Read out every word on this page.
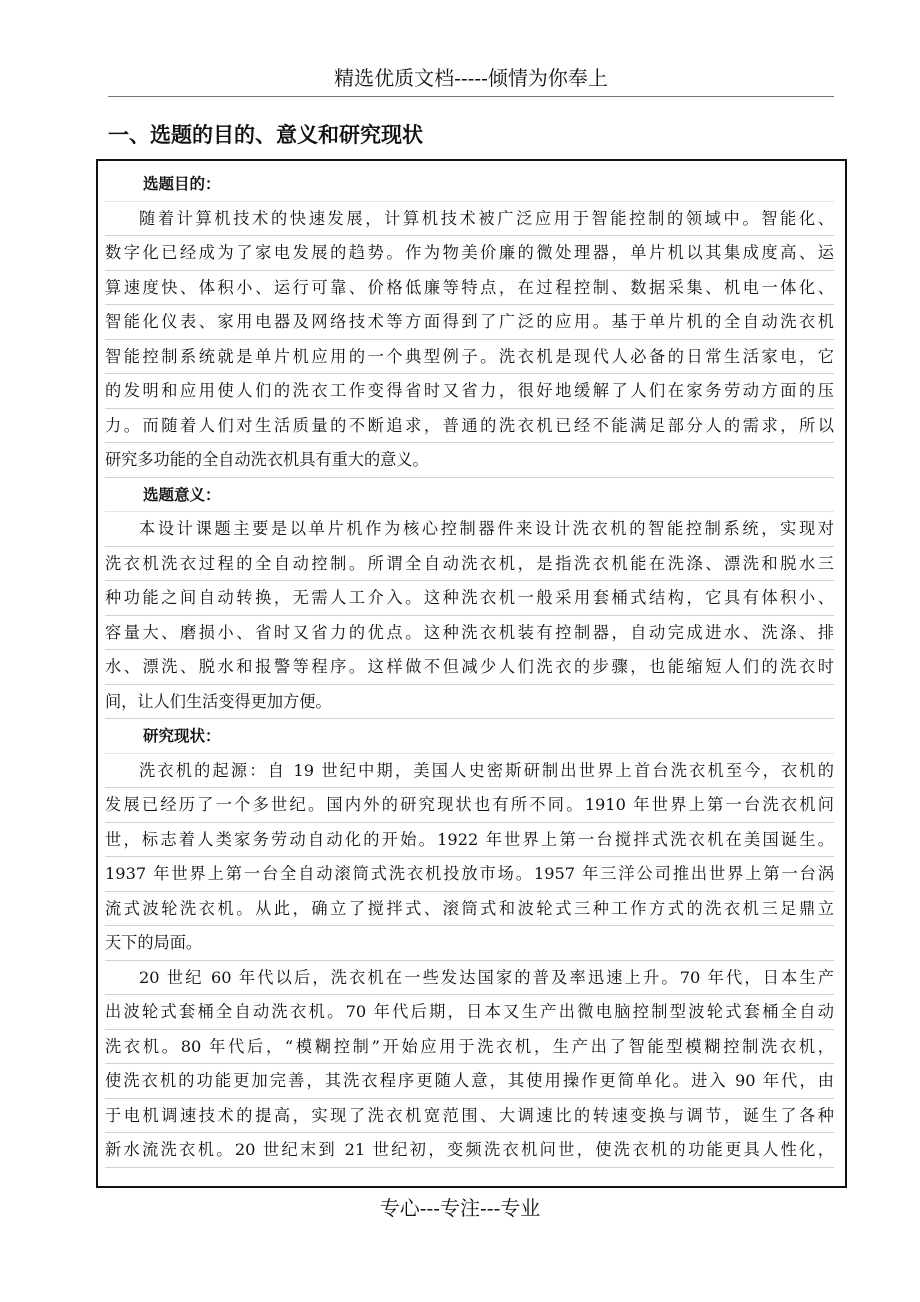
精选优质文档-----倾情为你奉上
一、选题的目的、意义和研究现状
选题目的：
随着计算机技术的快速发展，计算机技术被广泛应用于智能控制的领域中。智能化、
数字化已经成为了家电发展的趋势。作为物美价廉的微处理器，单片机以其集成度高、运
算速度快、体积小、运行可靠、价格低廉等特点，在过程控制、数据采集、机电一体化、
智能化仪表、家用电器及网络技术等方面得到了广泛的应用。基于单片机的全自动洗衣机
智能控制系统就是单片机应用的一个典型例子。洗衣机是现代人必备的日常生活家电，它
的发明和应用使人们的洗衣工作变得省时又省力，很好地缓解了人们在家务劳动方面的压
力。而随着人们对生活质量的不断追求，普通的洗衣机已经不能满足部分人的需求，所以
研究多功能的全自动洗衣机具有重大的意义。
选题意义：
本设计课题主要是以单片机作为核心控制器件来设计洗衣机的智能控制系统，实现对
洗衣机洗衣过程的全自动控制。所谓全自动洗衣机，是指洗衣机能在洗涤、漂洗和脱水三
种功能之间自动转换，无需人工介入。这种洗衣机一般采用套桶式结构，它具有体积小、
容量大、磨损小、省时又省力的优点。这种洗衣机装有控制器，自动完成进水、洗涤、排
水、漂洗、脱水和报警等程序。这样做不但减少人们洗衣的步骤，也能缩短人们的洗衣时
间，让人们生活变得更加方便。
研究现状：
洗衣机的起源：自 19 世纪中期，美国人史密斯研制出世界上首台洗衣机至今，衣机的
发展已经历了一个多世纪。国内外的研究现状也有所不同。1910 年世界上第一台洗衣机问
世，标志着人类家务劳动自动化的开始。1922 年世界上第一台搅拌式洗衣机在美国诞生。
1937 年世界上第一台全自动滚筒式洗衣机投放市场。1957 年三洋公司推出世界上第一台涡
流式波轮洗衣机。从此，确立了搅拌式、滚筒式和波轮式三种工作方式的洗衣机三足鼎立
天下的局面。
20 世纪 60 年代以后，洗衣机在一些发达国家的普及率迅速上升。70 年代，日本生产
出波轮式套桶全自动洗衣机。70 年代后期，日本又生产出微电脑控制型波轮式套桶全自动
洗衣机。80 年代后，“模糊控制”开始应用于洗衣机，生产出了智能型模糊控制洗衣机，
使洗衣机的功能更加完善，其洗衣程序更随人意，其使用操作更简单化。进入 90 年代，由
于电机调速技术的提高，实现了洗衣机宽范围、大调速比的转速变换与调节，诞生了各种
新水流洗衣机。20 世纪末到 21 世纪初，变频洗衣机问世，使洗衣机的功能更具人性化，
专心---专注---专业
